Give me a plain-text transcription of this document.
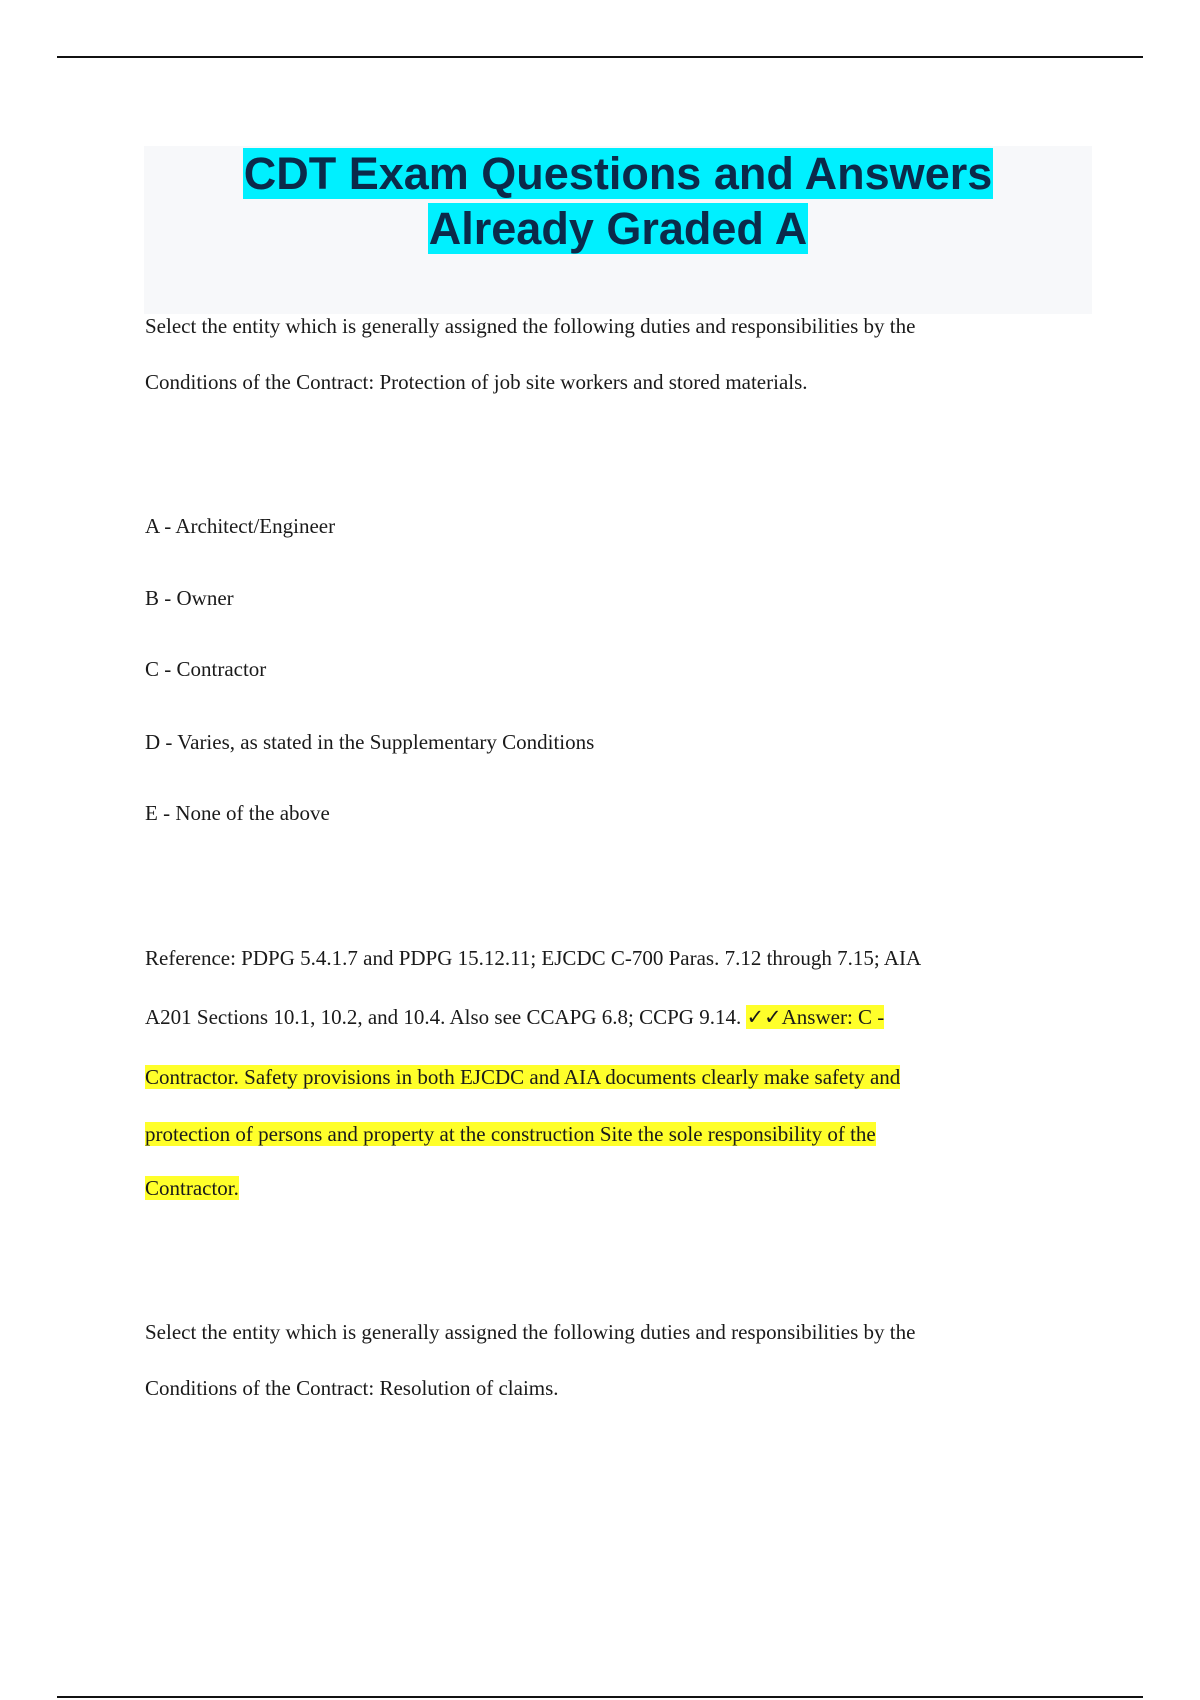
CDT Exam Questions and Answers
Already Graded A

Select the entity which is generally assigned the following duties and responsibilities by the

Conditions of the Contract: Protection of job site workers and stored materials.

A - Architect/Engineer

B - Owner

C - Contractor

D - Varies, as stated in the Supplementary Conditions

E - None of the above

Reference: PDPG 5.4.1.7 and PDPG 15.12.11; EJCDC C-700 Paras. 7.12 through 7.15; AIA

A201 Sections 10.1, 10.2, and 10.4. Also see CCAPG 6.8; CCPG 9.14. ✓✓Answer: C -

Contractor. Safety provisions in both EJCDC and AIA documents clearly make safety and

protection of persons and property at the construction Site the sole responsibility of the

Contractor.

Select the entity which is generally assigned the following duties and responsibilities by the

Conditions of the Contract: Resolution of claims.
